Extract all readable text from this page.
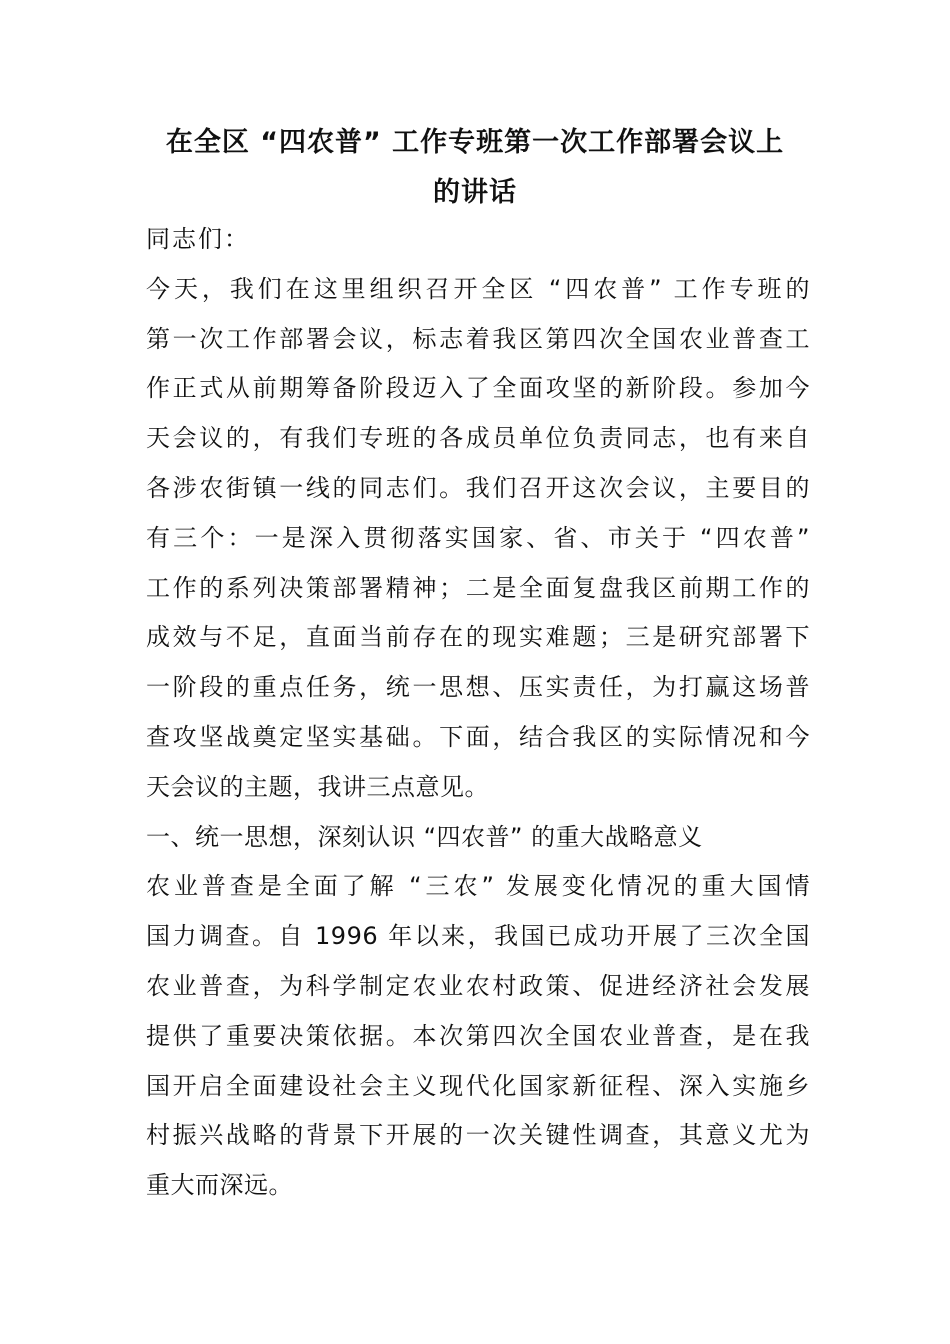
在全区 “四农普” 工作专班第一次工作部署会议上
的讲话
同志们：
今天，我们在这里组织召开全区 “四农普” 工作专班的
第一次工作部署会议，标志着我区第四次全国农业普查工
作正式从前期筹备阶段迈入了全面攻坚的新阶段。参加今
天会议的，有我们专班的各成员单位负责同志，也有来自
各涉农街镇一线的同志们。我们召开这次会议，主要目的
有三个：一是深入贯彻落实国家、省、市关于 “四农普”
工作的系列决策部署精神；二是全面复盘我区前期工作的
成效与不足，直面当前存在的现实难题；三是研究部署下
一阶段的重点任务，统一思想、压实责任，为打赢这场普
查攻坚战奠定坚实基础。下面，结合我区的实际情况和今
天会议的主题，我讲三点意见。
一、统一思想，深刻认识 “四农普” 的重大战略意义
农业普查是全面了解 “三农” 发展变化情况的重大国情
国力调查。自 1996 年以来，我国已成功开展了三次全国
农业普查，为科学制定农业农村政策、促进经济社会发展
提供了重要决策依据。本次第四次全国农业普查，是在我
国开启全面建设社会主义现代化国家新征程、深入实施乡
村振兴战略的背景下开展的一次关键性调查，其意义尤为
重大而深远。
